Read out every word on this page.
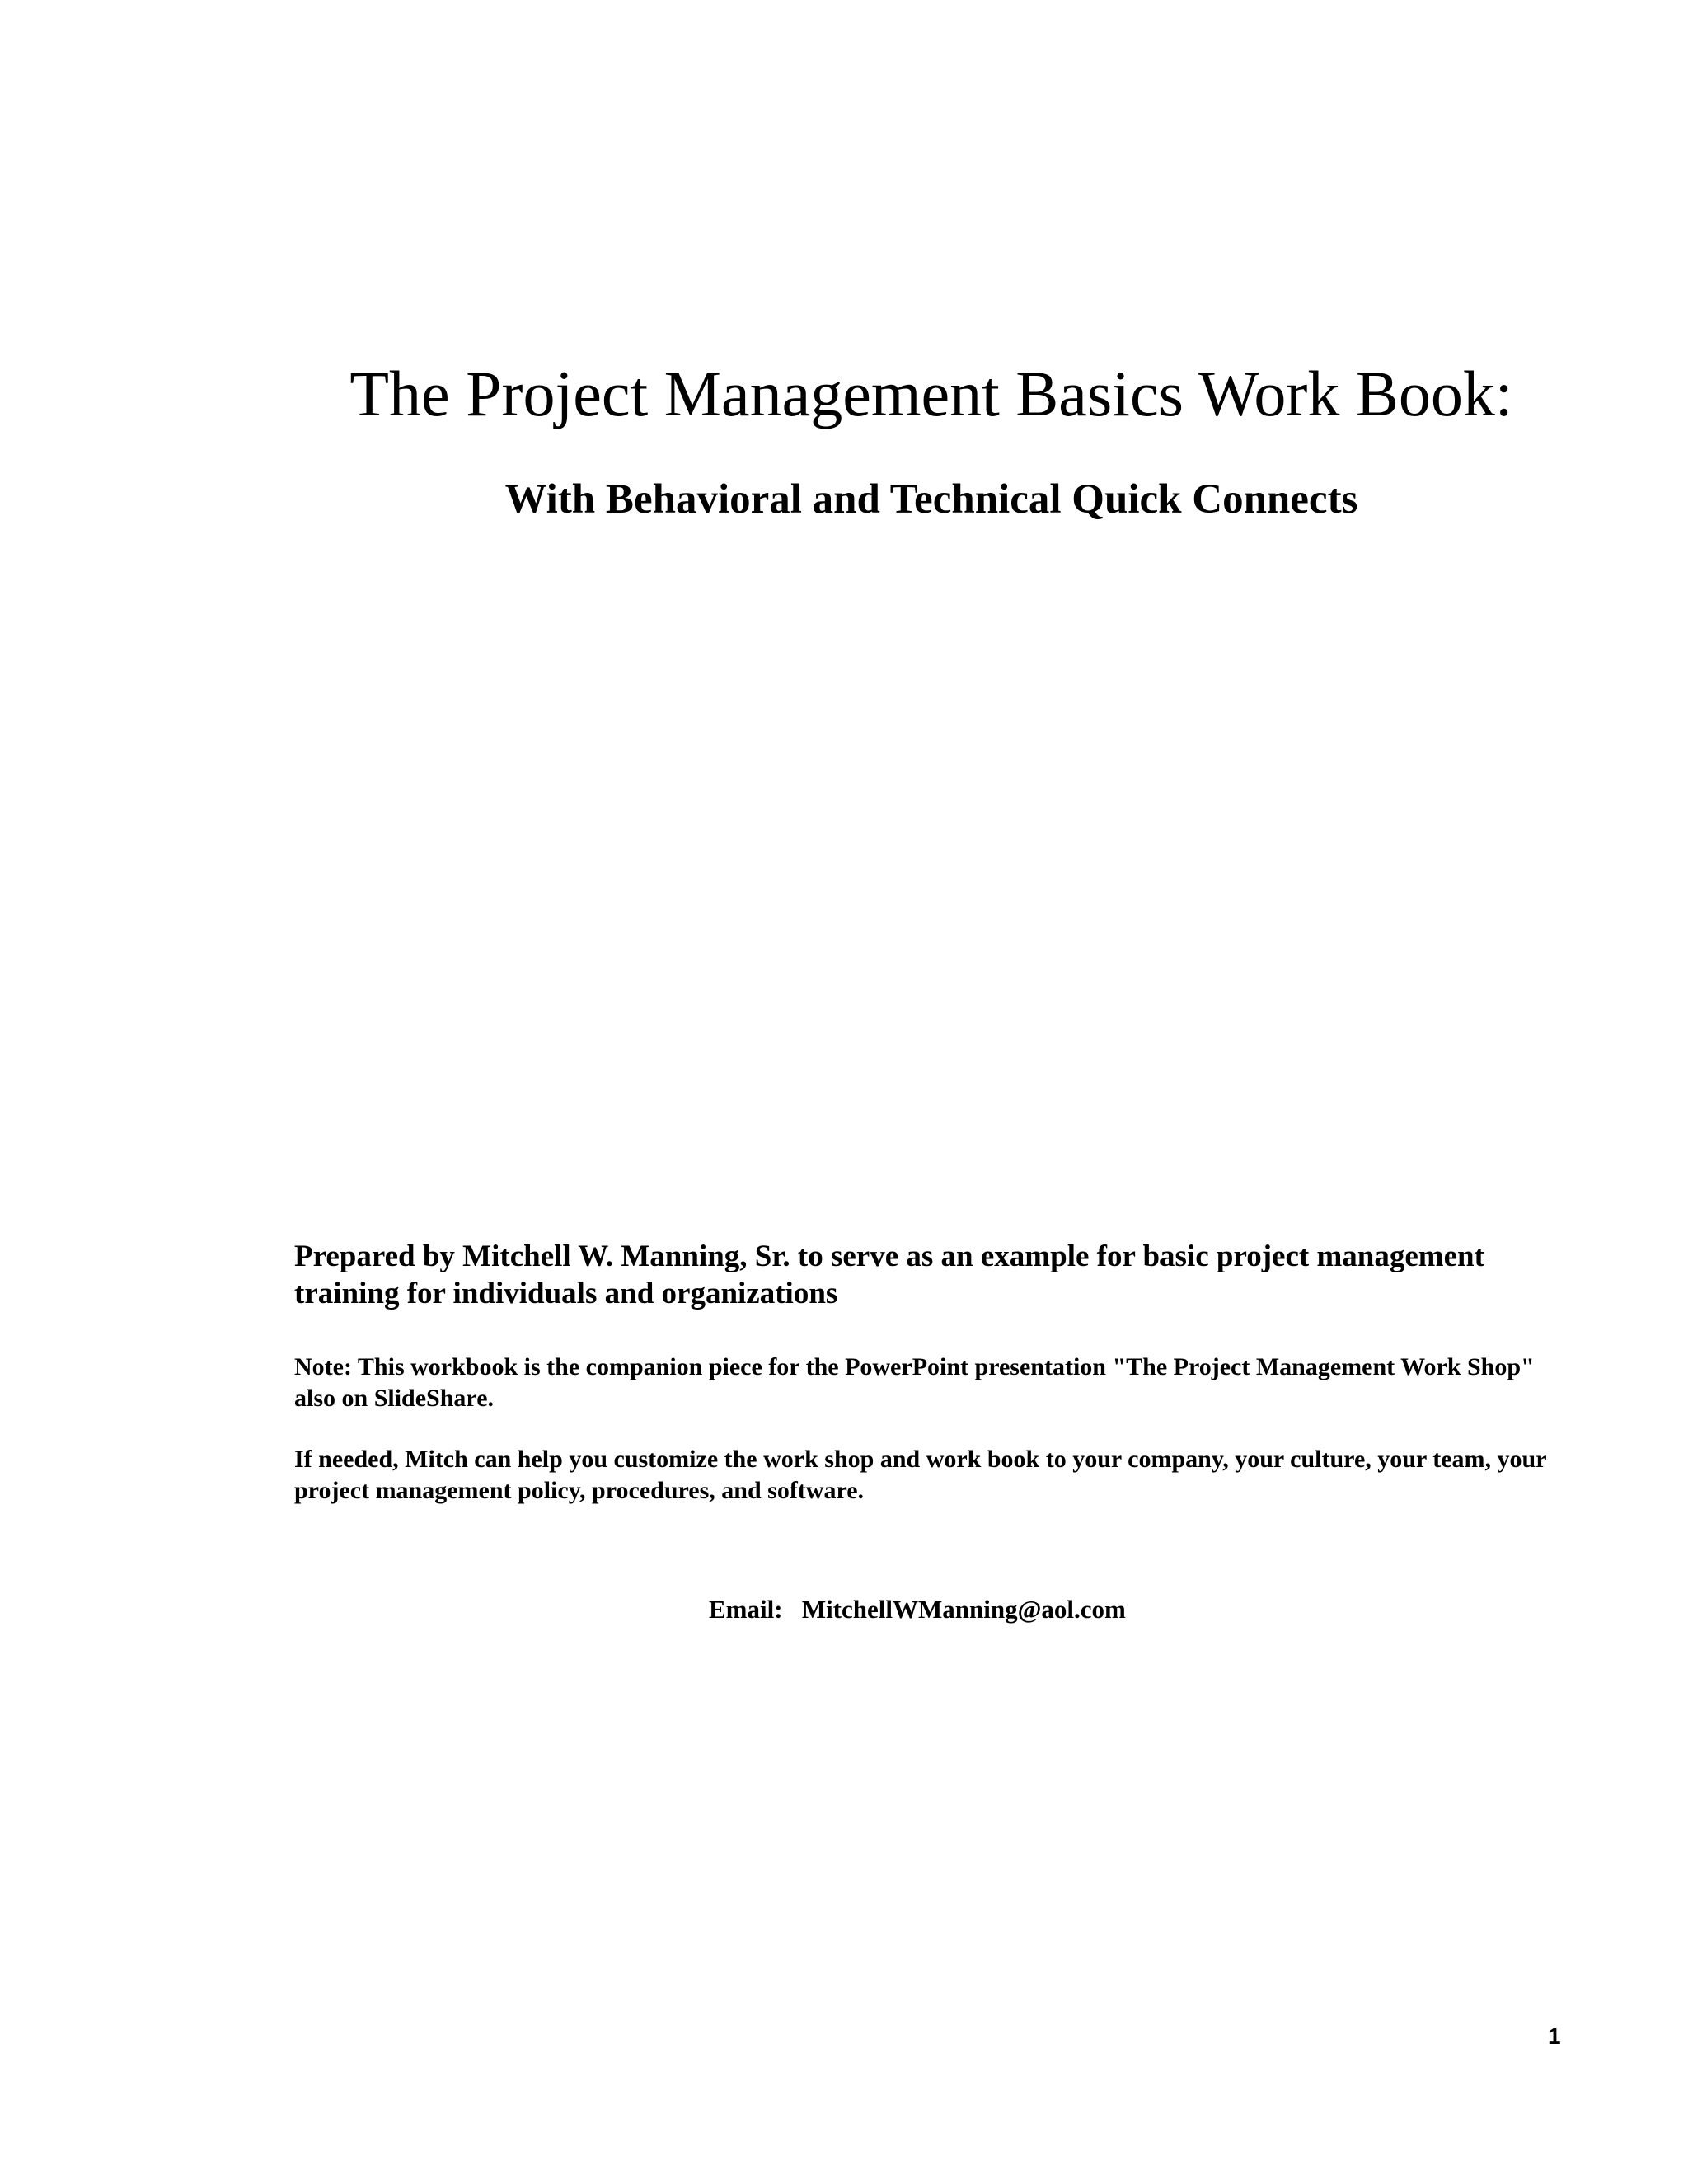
The Project Management Basics Work Book:
With Behavioral and Technical Quick Connects
Prepared by Mitchell W. Manning, Sr. to serve as an example for basic project management training for individuals and organizations
Note: This workbook is the companion piece for the PowerPoint presentation "The Project Management Work Shop" also on SlideShare.
If needed, Mitch can help you customize the work shop and work book to your company, your culture, your team, your project management policy, procedures, and software.
Email: MitchellWManning@aol.com
1
